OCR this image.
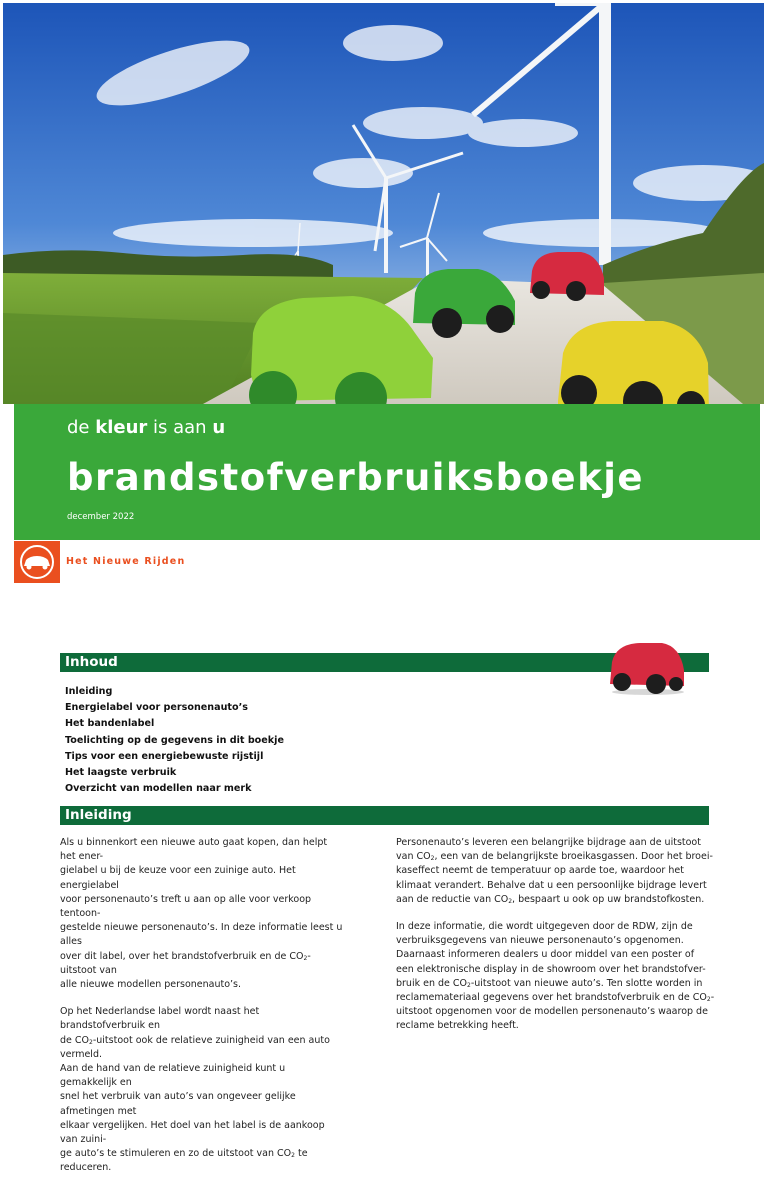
de kleur is aan u
brandstofverbruiksboekje
december 2022
Het Nieuwe Rijden
Inhoud
Inleiding
Energielabel voor personenauto’s
Het bandenlabel
Toelichting op de gegevens in dit boekje
Tips voor een energiebewuste rijstijl
Het laagste verbruik
Overzicht van modellen naar merk
Inleiding

Als u binnenkort een nieuwe auto gaat kopen, dan helpt het ener-
gielabel u bij de keuze voor een zuinige auto. Het energielabel
voor personenauto’s treft u aan op alle voor verkoop tentoon-
gestelde nieuwe personenauto’s. In deze informatie leest u alles
over dit label, over het brandstofverbruik en de $CO_2$-uitstoot van
alle nieuwe modellen personenauto’s.

Op het Nederlandse label wordt naast het brandstofverbruik en
de $CO_2$-uitstoot ook de relatieve zuinigheid van een auto vermeld.
Aan de hand van de relatieve zuinigheid kunt u gemakkelijk en
snel het verbruik van auto’s van ongeveer gelijke afmetingen met
elkaar vergelijken. Het doel van het label is de aankoop van zuini-
ge auto’s te stimuleren en zo de uitstoot van $CO_2$ te reduceren.

Personenauto’s leveren een belangrijke bijdrage aan de uitstoot
van $CO_2$, een van de belangrijkste broeikasgassen. Door het broei-
kaseffect neemt de temperatuur op aarde toe, waardoor het
klimaat verandert. Behalve dat u een persoonlijke bijdrage levert
aan de reductie van $CO_2$, bespaart u ook op uw brandstofkosten.

In deze informatie, die wordt uitgegeven door de RDW, zijn de
verbruiksgegevens van nieuwe personenauto’s opgenomen.
Daarnaast informeren dealers u door middel van een poster of
een elektronische display in de showroom over het brandstofver-
bruik en de $CO_2$-uitstoot van nieuwe auto’s. Ten slotte worden in
reclamemateriaal gegevens over het brandstofverbruik en de $CO_2-$
uitstoot opgenomen voor de modellen personenauto’s waarop de
reclame betrekking heeft.
